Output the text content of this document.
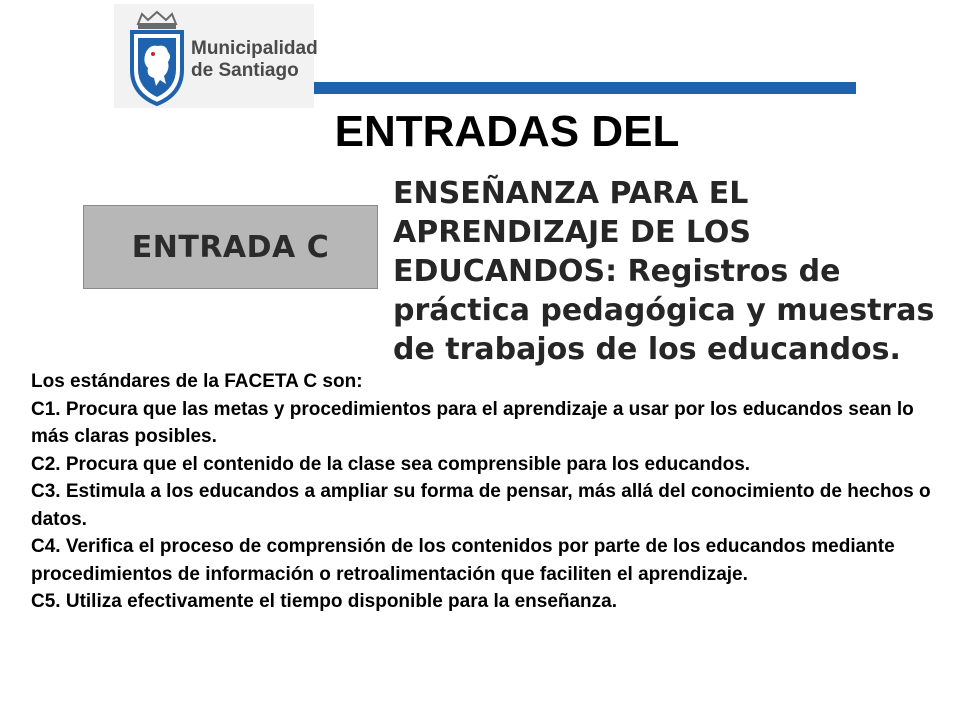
Municipalidad
de Santiago
ENTRADAS DEL
ENTRADA C
ENSEÑANZA PARA EL APRENDIZAJE DE LOS EDUCANDOS: Registros de práctica pedagógica y muestras de trabajos de los educandos.

Los estándares de la FACETA C son:

C1. Procura que las metas y procedimientos para el aprendizaje a usar por los educandos sean lo más claras posibles.

C2. Procura que el contenido de la clase sea comprensible para los educandos.

C3. Estimula a los educandos a ampliar su forma de pensar, más allá del conocimiento de hechos o datos.

C4. Verifica el proceso de comprensión de los contenidos por parte de los educandos mediante procedimientos de información o retroalimentación que faciliten el aprendizaje.

C5. Utiliza efectivamente el tiempo disponible para la enseñanza.
